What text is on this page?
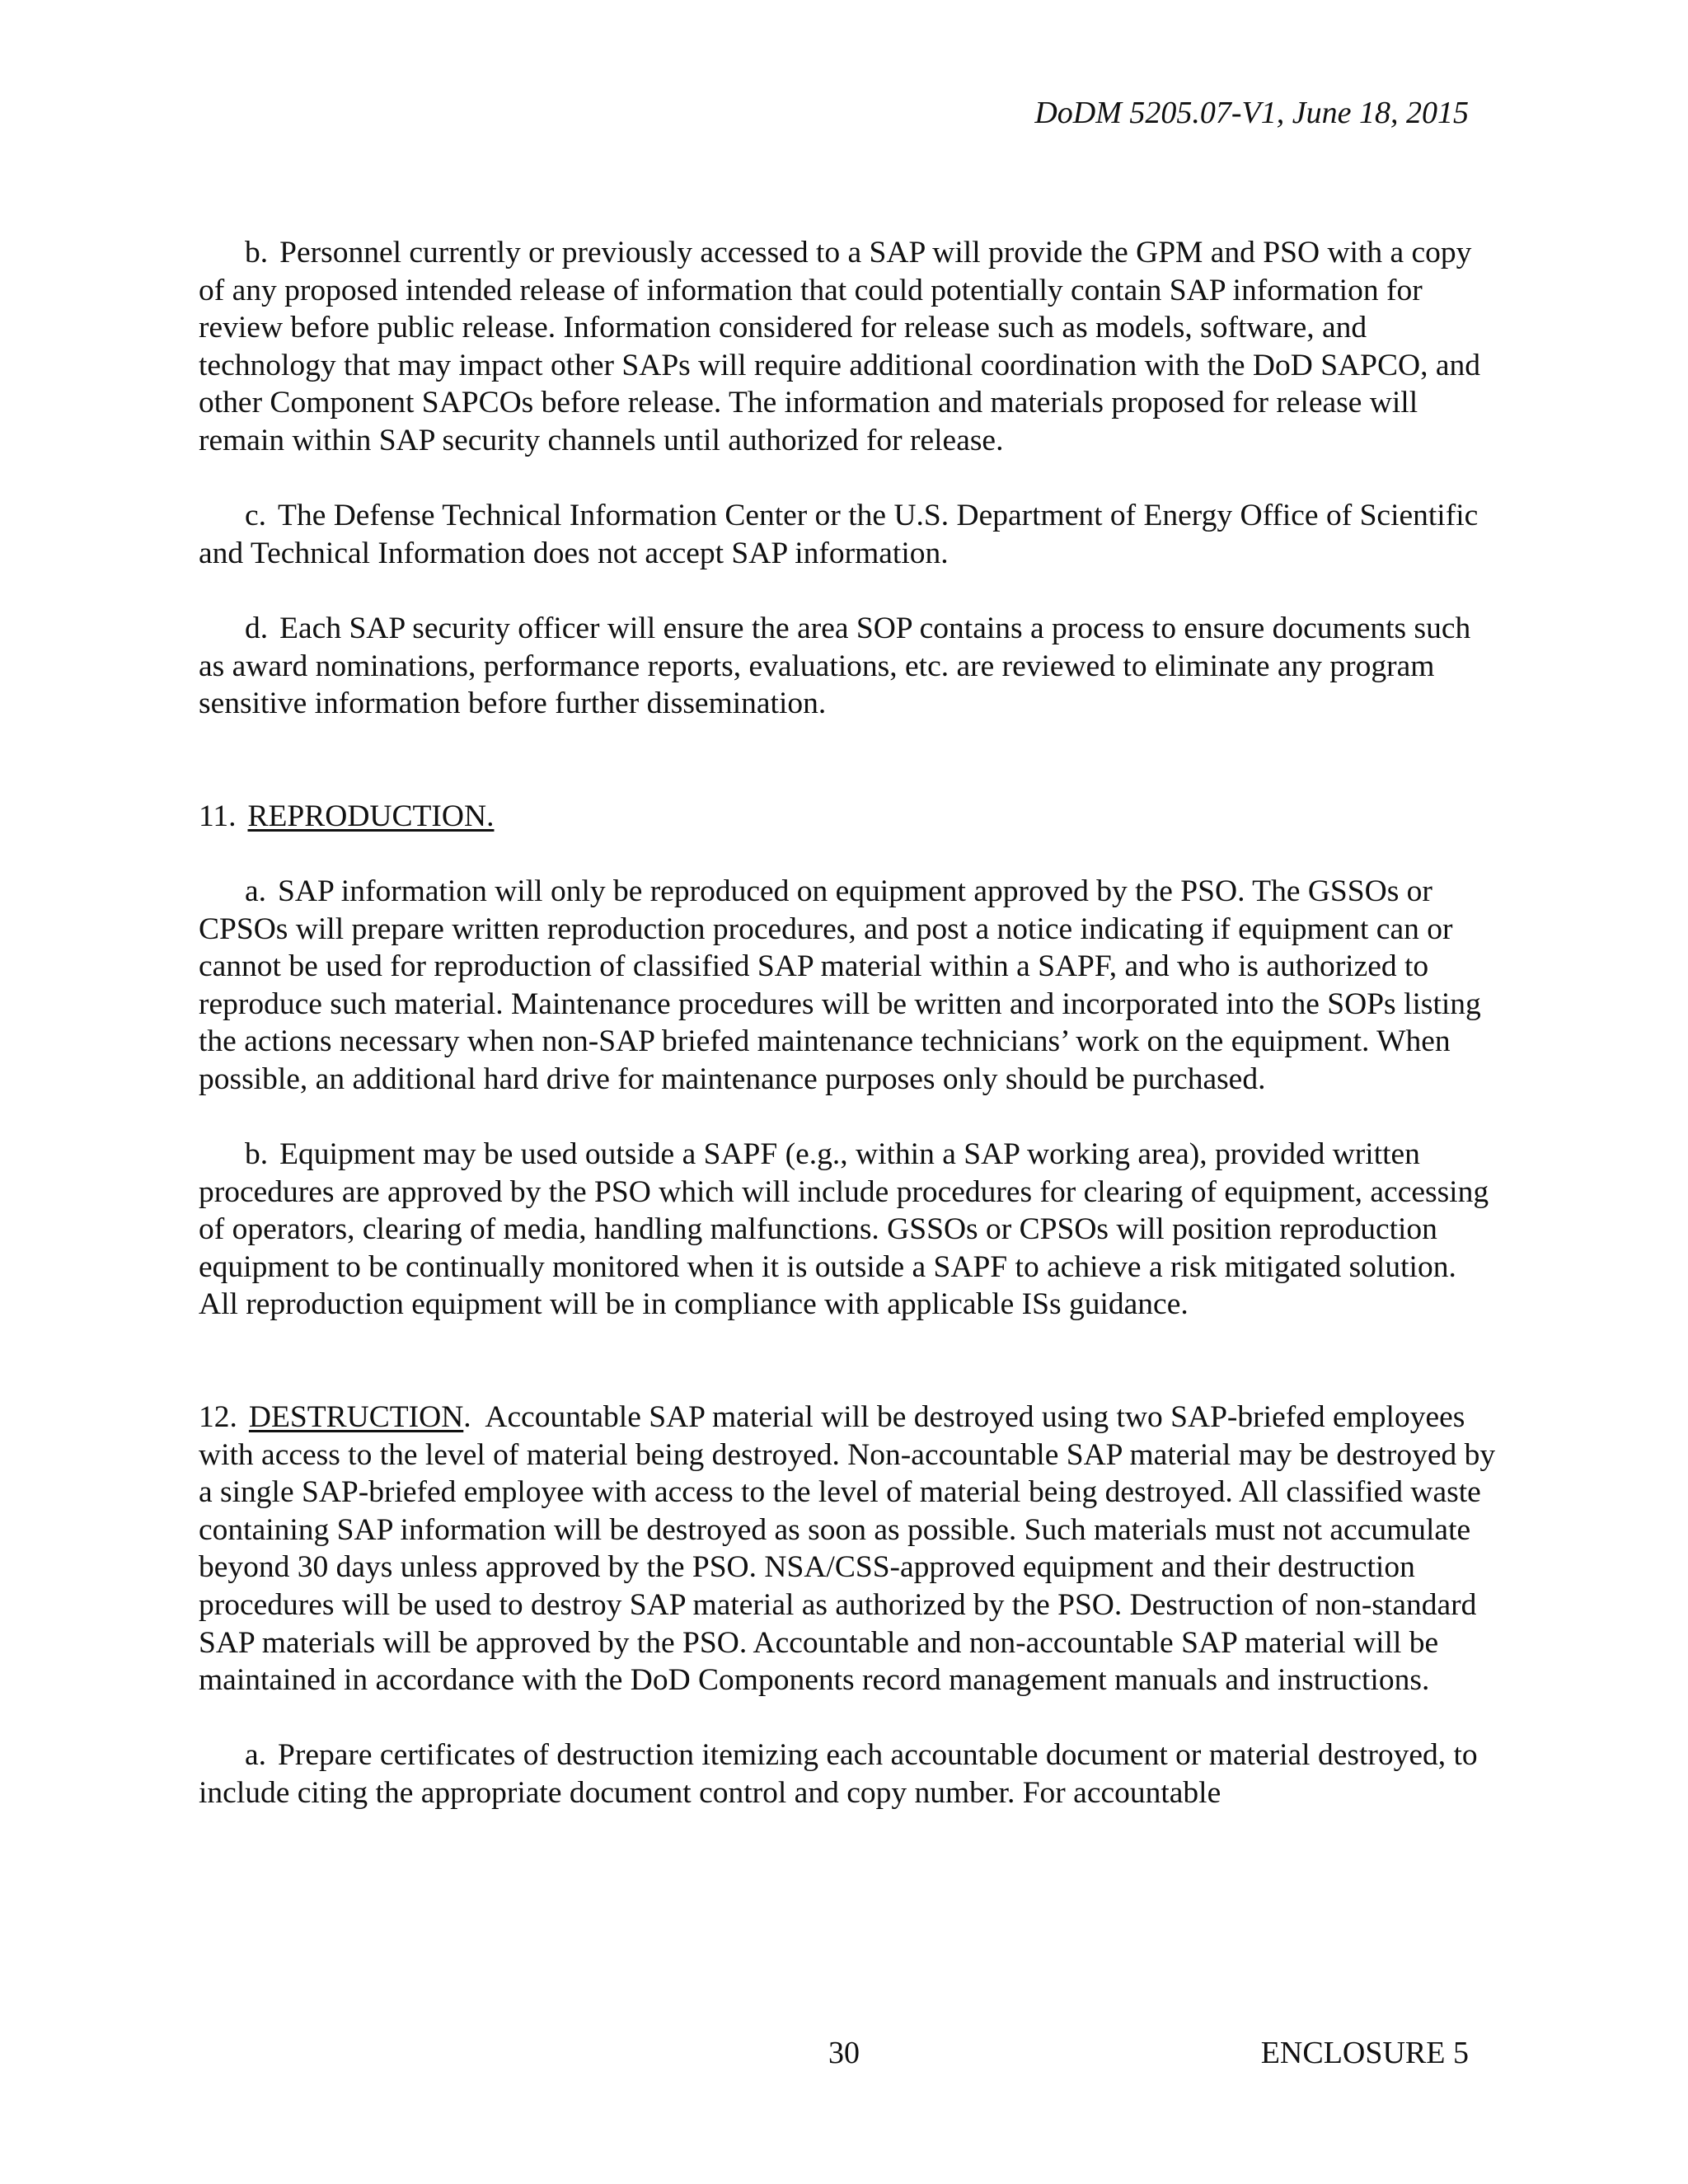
DoDM 5205.07-V1, June 18, 2015

b. Personnel currently or previously accessed to a SAP will provide the GPM and PSO with a copy of any proposed intended release of information that could potentially contain SAP information for review before public release. Information considered for release such as models, software, and technology that may impact other SAPs will require additional coordination with the DoD SAPCO, and other Component SAPCOs before release. The information and materials proposed for release will remain within SAP security channels until authorized for release.

c. The Defense Technical Information Center or the U.S. Department of Energy Office of Scientific and Technical Information does not accept SAP information.

d. Each SAP security officer will ensure the area SOP contains a process to ensure documents such as award nominations, performance reports, evaluations, etc. are reviewed to eliminate any program sensitive information before further dissemination.

11. REPRODUCTION.

a. SAP information will only be reproduced on equipment approved by the PSO. The GSSOs or CPSOs will prepare written reproduction procedures, and post a notice indicating if equipment can or cannot be used for reproduction of classified SAP material within a SAPF, and who is authorized to reproduce such material. Maintenance procedures will be written and incorporated into the SOPs listing the actions necessary when non-SAP briefed maintenance technicians’ work on the equipment. When possible, an additional hard drive for maintenance purposes only should be purchased.

b. Equipment may be used outside a SAPF (e.g., within a SAP working area), provided written procedures are approved by the PSO which will include procedures for clearing of equipment, accessing of operators, clearing of media, handling malfunctions. GSSOs or CPSOs will position reproduction equipment to be continually monitored when it is outside a SAPF to achieve a risk mitigated solution. All reproduction equipment will be in compliance with applicable ISs guidance.

12. DESTRUCTION. Accountable SAP material will be destroyed using two SAP-briefed employees with access to the level of material being destroyed. Non-accountable SAP material may be destroyed by a single SAP-briefed employee with access to the level of material being destroyed. All classified waste containing SAP information will be destroyed as soon as possible. Such materials must not accumulate beyond 30 days unless approved by the PSO. NSA/CSS-approved equipment and their destruction procedures will be used to destroy SAP material as authorized by the PSO. Destruction of non-standard SAP materials will be approved by the PSO. Accountable and non-accountable SAP material will be maintained in accordance with the DoD Components record management manuals and instructions.

a. Prepare certificates of destruction itemizing each accountable document or material destroyed, to include citing the appropriate document control and copy number. For accountable

30	ENCLOSURE 5
